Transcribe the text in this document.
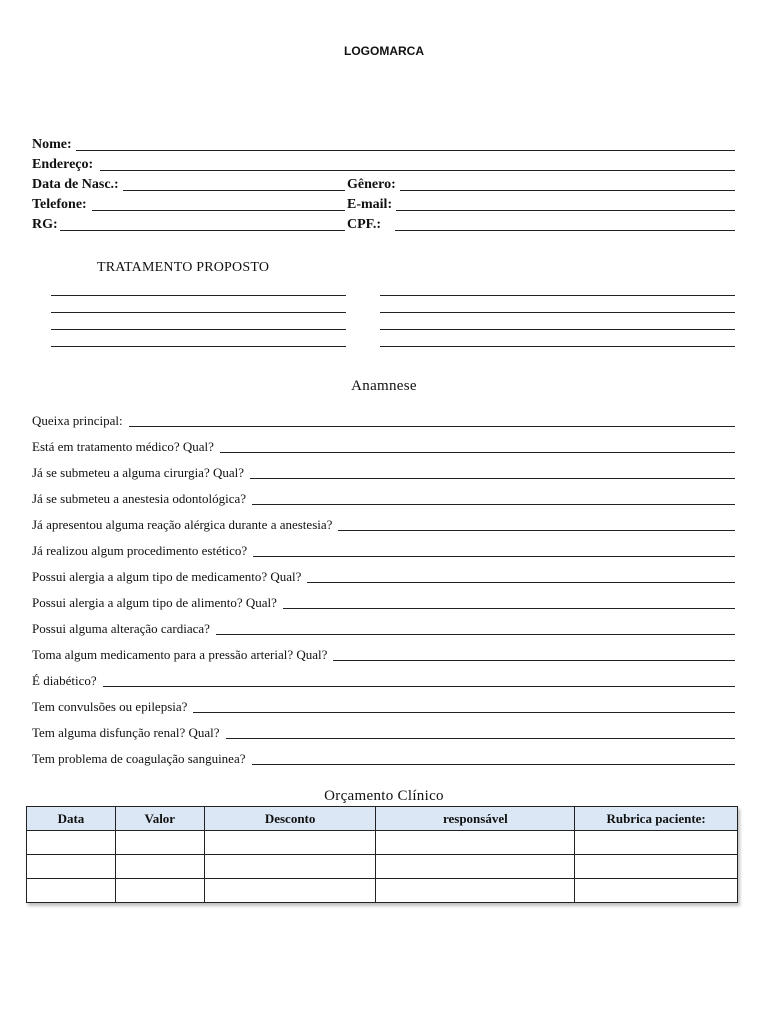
LOGOMARCA
Nome:
Endereço:
Data de Nasc.:	Gênero:
Telefone:	E-mail:
RG:	CPF.:
TRATAMENTO PROPOSTO
Anamnese
Queixa principal:
Está em tratamento médico? Qual?
Já se submeteu a alguma cirurgia? Qual?
Já se submeteu a anestesia odontológica?
Já apresentou alguma reação alérgica durante a anestesia?
Já realizou algum procedimento estético?
Possui alergia a algum tipo de medicamento? Qual?
Possui alergia a algum tipo de alimento? Qual?
Possui alguma alteração cardiaca?
Toma algum medicamento para a pressão arterial? Qual?
É diabético?
Tem convulsões ou epilepsia?
Tem alguma disfunção renal? Qual?
Tem problema de coagulação sanguinea?
Orçamento Clínico
Data	Valor	Desconto	responsável	Rubrica paciente:
